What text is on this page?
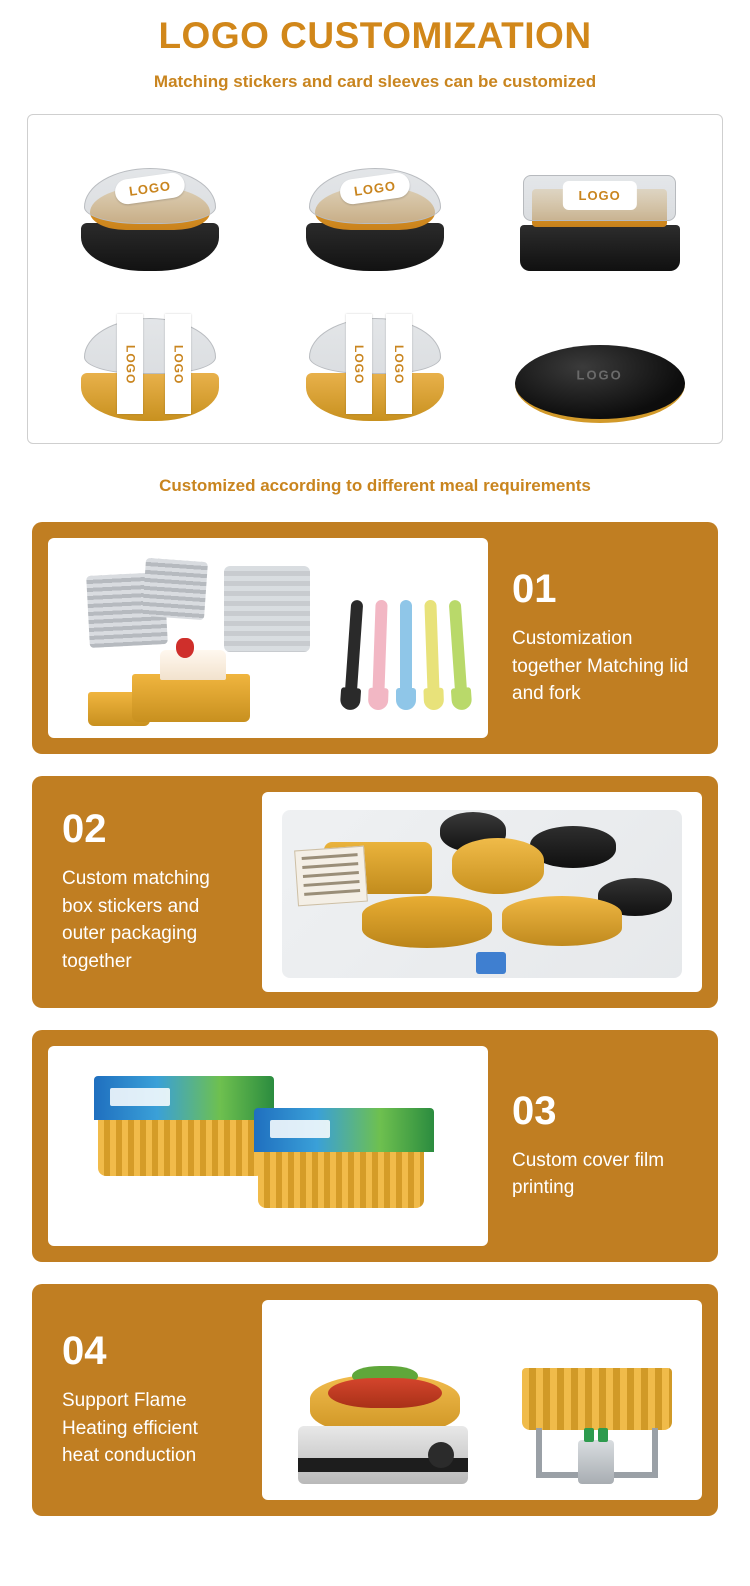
LOGO CUSTOMIZATION
Matching stickers and card sleeves can be customized
LOGO	LOGO	LOGO
LOGO	LOGO	LOGO	LOGO	LOGO
Customized according to different meal requirements
01
Customization together Matching lid and fork
02
Custom matching box stickers and outer packaging together
03
Custom cover film printing
04
Support Flame Heating efficient heat conduction
